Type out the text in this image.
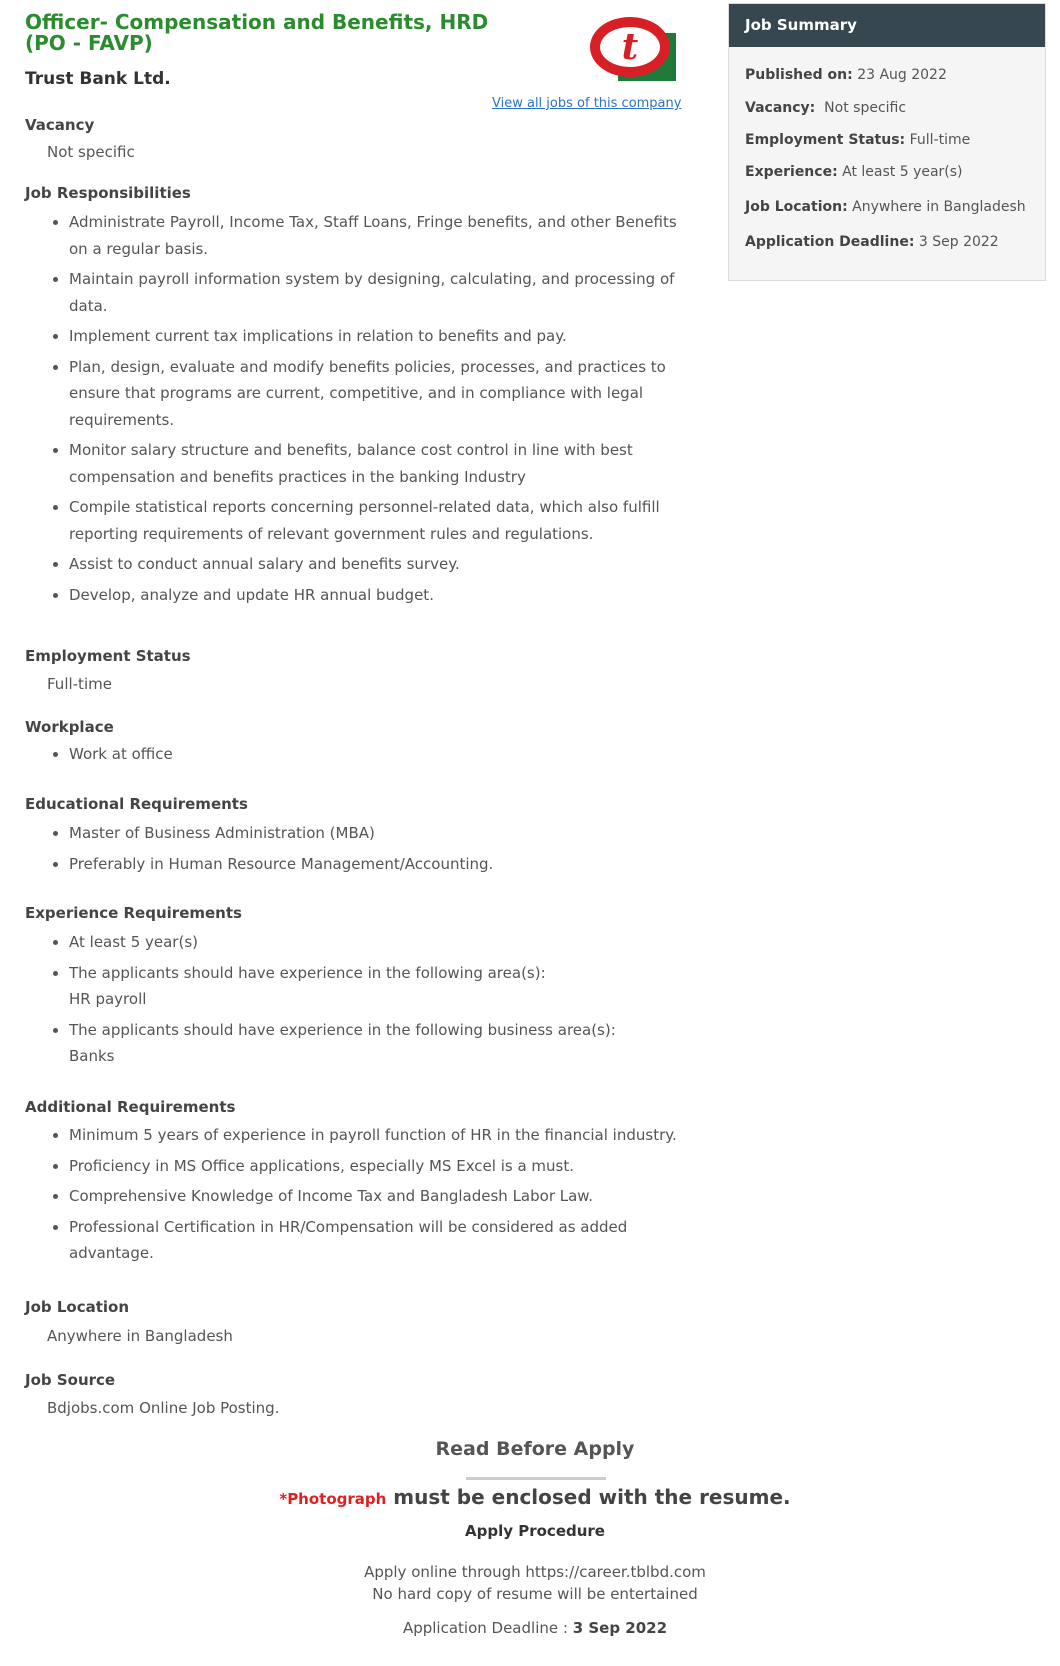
Officer- Compensation and Benefits, HRD (PO - FAVP)
Trust Bank Ltd.
t
View all jobs of this company
Vacancy
Not specific
Job Responsibilities
• Administrate Payroll, Income Tax, Staff Loans, Fringe benefits, and other Benefits on a regular basis.
• Maintain payroll information system by designing, calculating, and processing of data.
• Implement current tax implications in relation to benefits and pay.
• Plan, design, evaluate and modify benefits policies, processes, and practices to ensure that programs are current, competitive, and in compliance with legal requirements.
• Monitor salary structure and benefits, balance cost control in line with best compensation and benefits practices in the banking Industry
• Compile statistical reports concerning personnel-related data, which also fulfill reporting requirements of relevant government rules and regulations.
• Assist to conduct annual salary and benefits survey.
• Develop, analyze and update HR annual budget.
Employment Status
Full-time
Workplace
• Work at office
Educational Requirements
• Master of Business Administration (MBA)
• Preferably in Human Resource Management/Accounting.
Experience Requirements
• At least 5 year(s)
• The applicants should have experience in the following area(s):
HR payroll
• The applicants should have experience in the following business area(s):
Banks
Additional Requirements
• Minimum 5 years of experience in payroll function of HR in the financial industry.
• Proficiency in MS Office applications, especially MS Excel is a must.
• Comprehensive Knowledge of Income Tax and Bangladesh Labor Law.
• Professional Certification in HR/Compensation will be considered as added advantage.
Job Location
Anywhere in Bangladesh
Job Source
Bdjobs.com Online Job Posting.
Read Before Apply
*Photograph must be enclosed with the resume.
Apply Procedure
Apply online through https://career.tblbd.com
No hard copy of resume will be entertained
Application Deadline : 3 Sep 2022
Job Summary
Published on: 23 Aug 2022
Vacancy: Not specific
Employment Status: Full-time
Experience: At least 5 year(s)
Job Location: Anywhere in Bangladesh
Application Deadline: 3 Sep 2022
